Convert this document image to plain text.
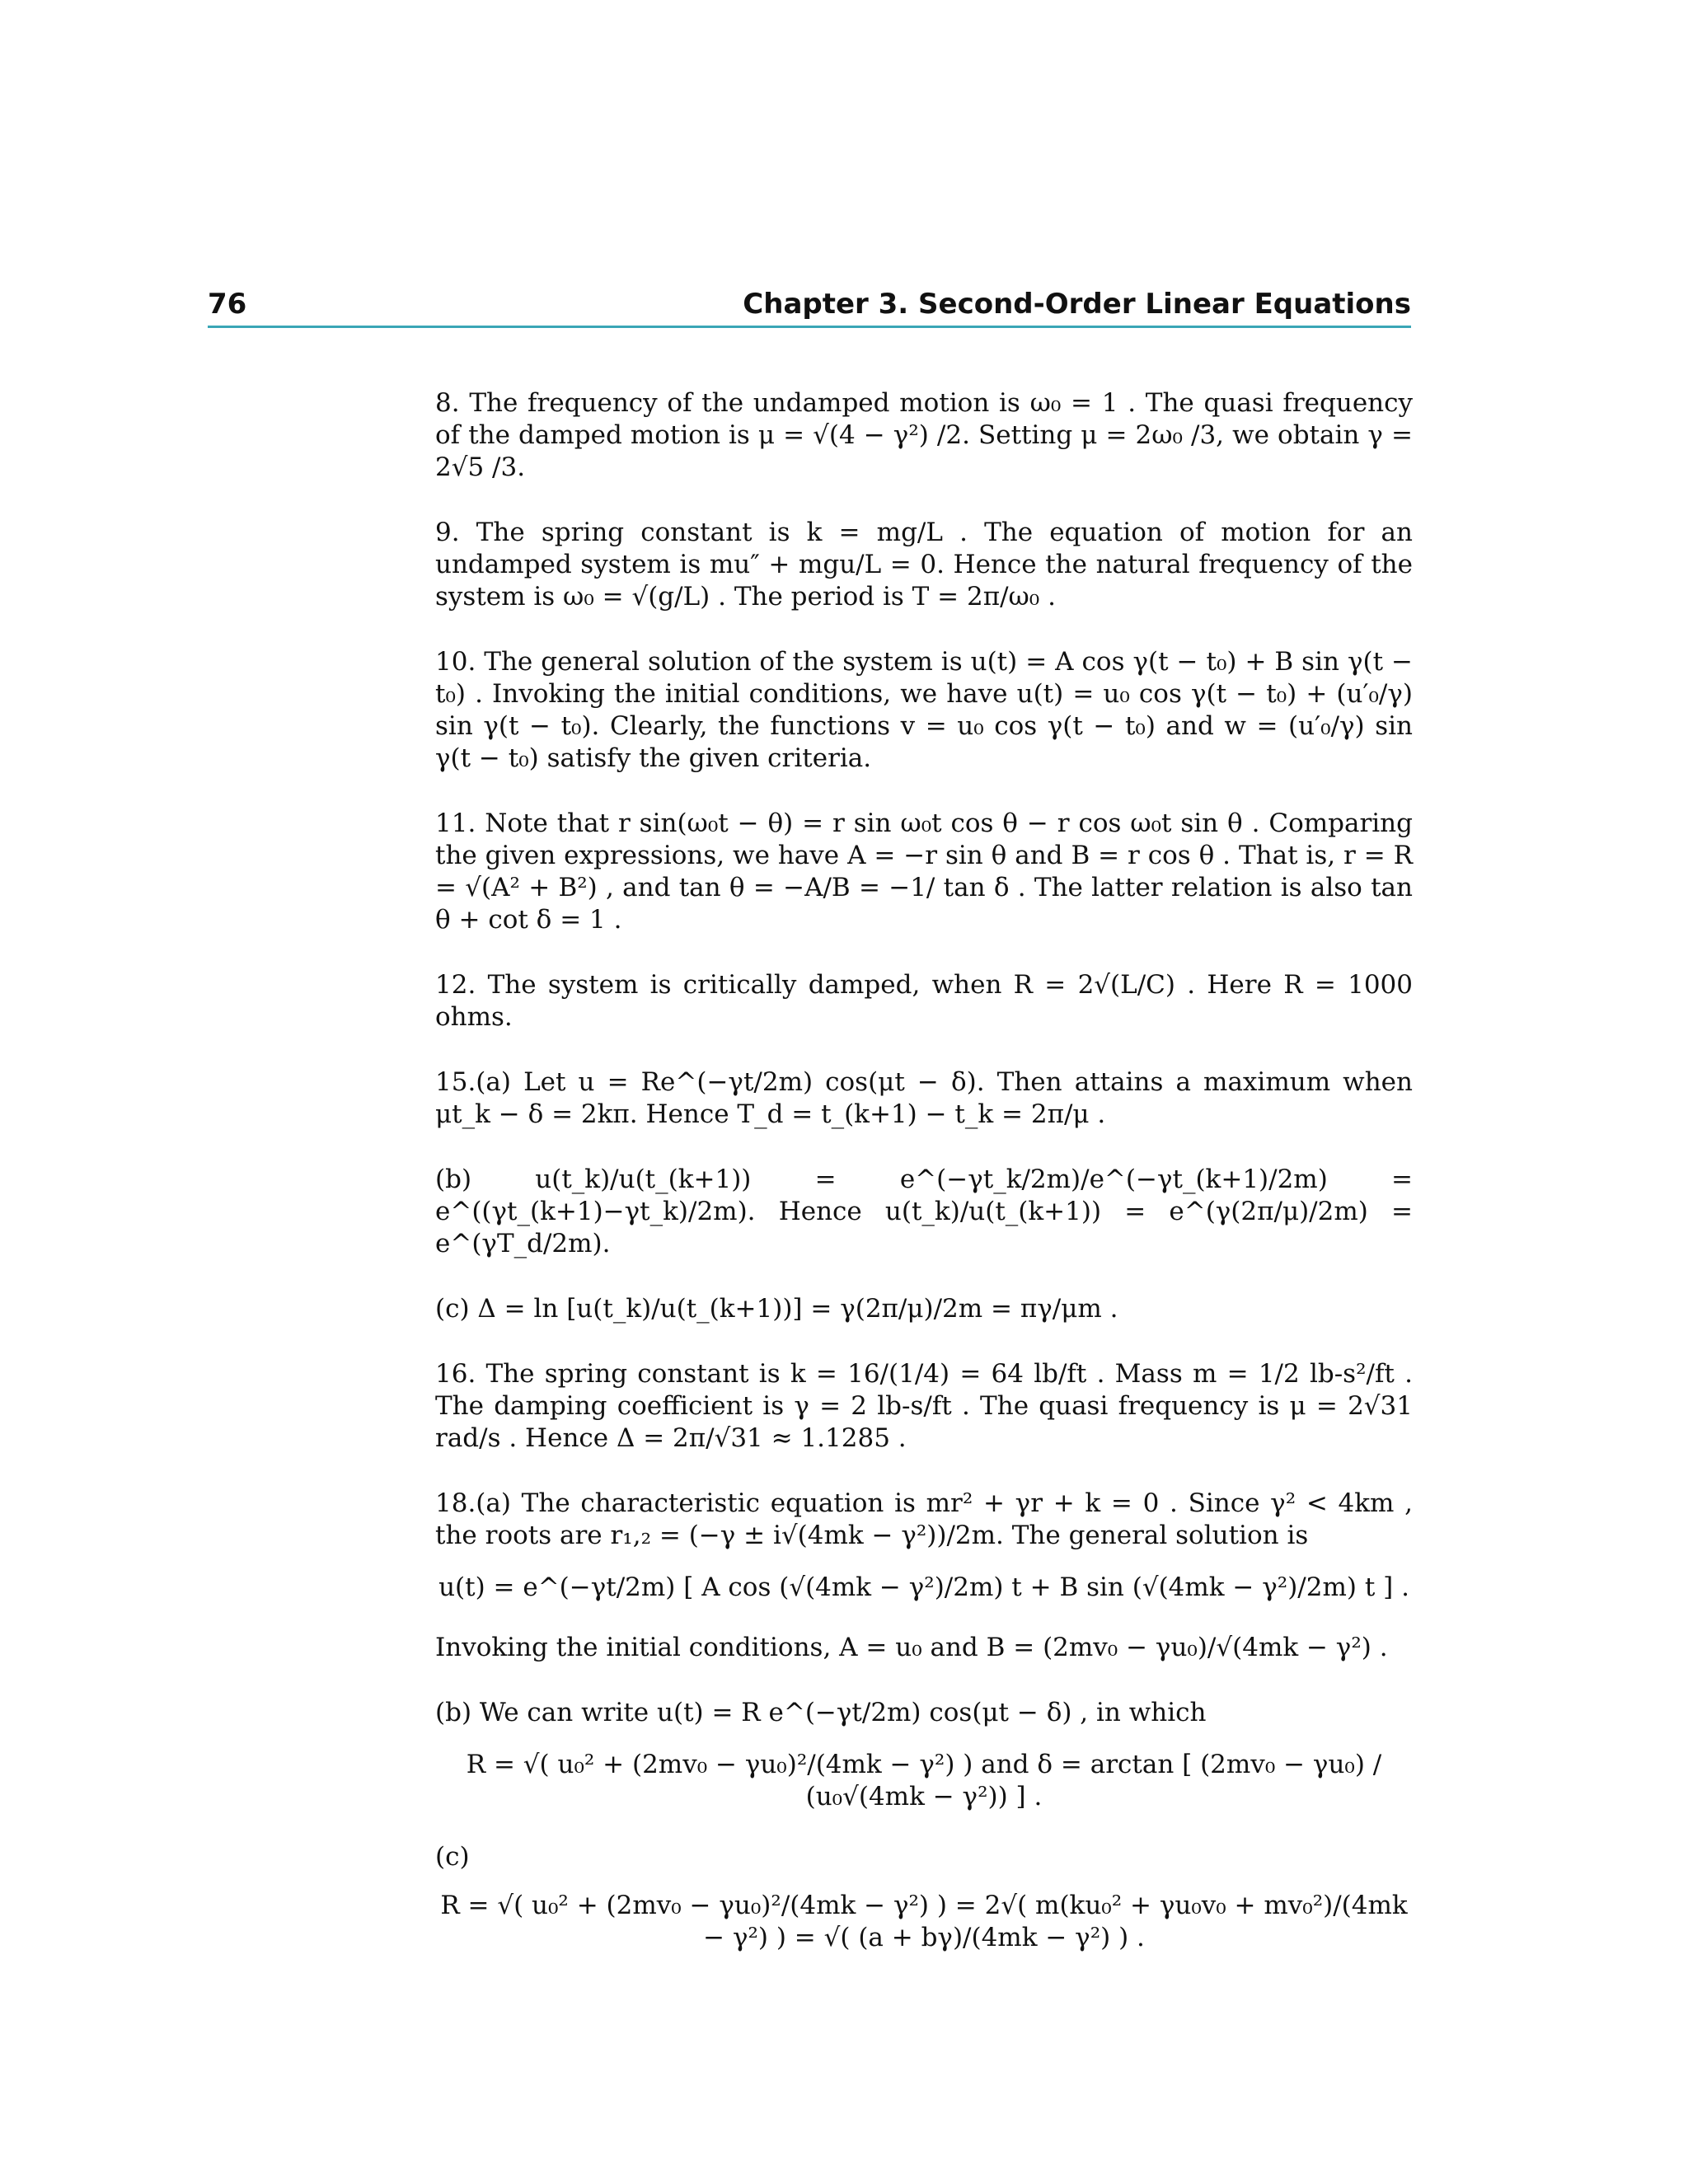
76	Chapter 3. Second-Order Linear Equations

8. The frequency of the undamped motion is ω₀ = 1 . The quasi frequency of the damped motion is μ = √(4 − γ²) /2. Setting μ = 2ω₀ /3, we obtain γ = 2√5 /3.

9. The spring constant is k = mg/L . The equation of motion for an undamped system is mu″ + mgu/L = 0. Hence the natural frequency of the system is ω₀ = √(g/L) . The period is T = 2π/ω₀ .

10. The general solution of the system is u(t) = A cos γ(t − t₀) + B sin γ(t − t₀) . Invoking the initial conditions, we have u(t) = u₀ cos γ(t − t₀) + (u′₀/γ) sin γ(t − t₀). Clearly, the functions v = u₀ cos γ(t − t₀) and w = (u′₀/γ) sin γ(t − t₀) satisfy the given criteria.

11. Note that r sin(ω₀t − θ) = r sin ω₀t cos θ − r cos ω₀t sin θ . Comparing the given expressions, we have A = −r sin θ and B = r cos θ . That is, r = R = √(A² + B²) , and tan θ = −A/B = −1/ tan δ . The latter relation is also tan θ + cot δ = 1 .

12. The system is critically damped, when R = 2√(L/C) . Here R = 1000 ohms.

15.(a) Let u = Re^(−γt/2m) cos(μt − δ). Then attains a maximum when μt_k − δ = 2kπ. Hence T_d = t_(k+1) − t_k = 2π/μ .

(b) u(t_k)/u(t_(k+1)) = e^(−γt_k/2m)/e^(−γt_(k+1)/2m) = e^((γt_(k+1)−γt_k)/2m). Hence u(t_k)/u(t_(k+1)) = e^(γ(2π/μ)/2m) = e^(γT_d/2m).

(c) Δ = ln [u(t_k)/u(t_(k+1))] = γ(2π/μ)/2m = πγ/μm .

16. The spring constant is k = 16/(1/4) = 64 lb/ft . Mass m = 1/2 lb-s²/ft . The damping coefficient is γ = 2 lb-s/ft . The quasi frequency is μ = 2√31 rad/s . Hence Δ = 2π/√31 ≈ 1.1285 .

18.(a) The characteristic equation is mr² + γr + k = 0 . Since γ² < 4km , the roots are r₁,₂ = (−γ ± i√(4mk − γ²))/2m. The general solution is

u(t) = e^(−γt/2m) [ A cos (√(4mk − γ²)/2m) t + B sin (√(4mk − γ²)/2m) t ] .

Invoking the initial conditions, A = u₀ and B = (2mv₀ − γu₀)/√(4mk − γ²) .

(b) We can write u(t) = R e^(−γt/2m) cos(μt − δ) , in which

R = √( u₀² + (2mv₀ − γu₀)²/(4mk − γ²) ) and δ = arctan [ (2mv₀ − γu₀) / (u₀√(4mk − γ²)) ] .

(c)

R = √( u₀² + (2mv₀ − γu₀)²/(4mk − γ²) ) = 2√( m(ku₀² + γu₀v₀ + mv₀²)/(4mk − γ²) ) = √( (a + bγ)/(4mk − γ²) ) .
